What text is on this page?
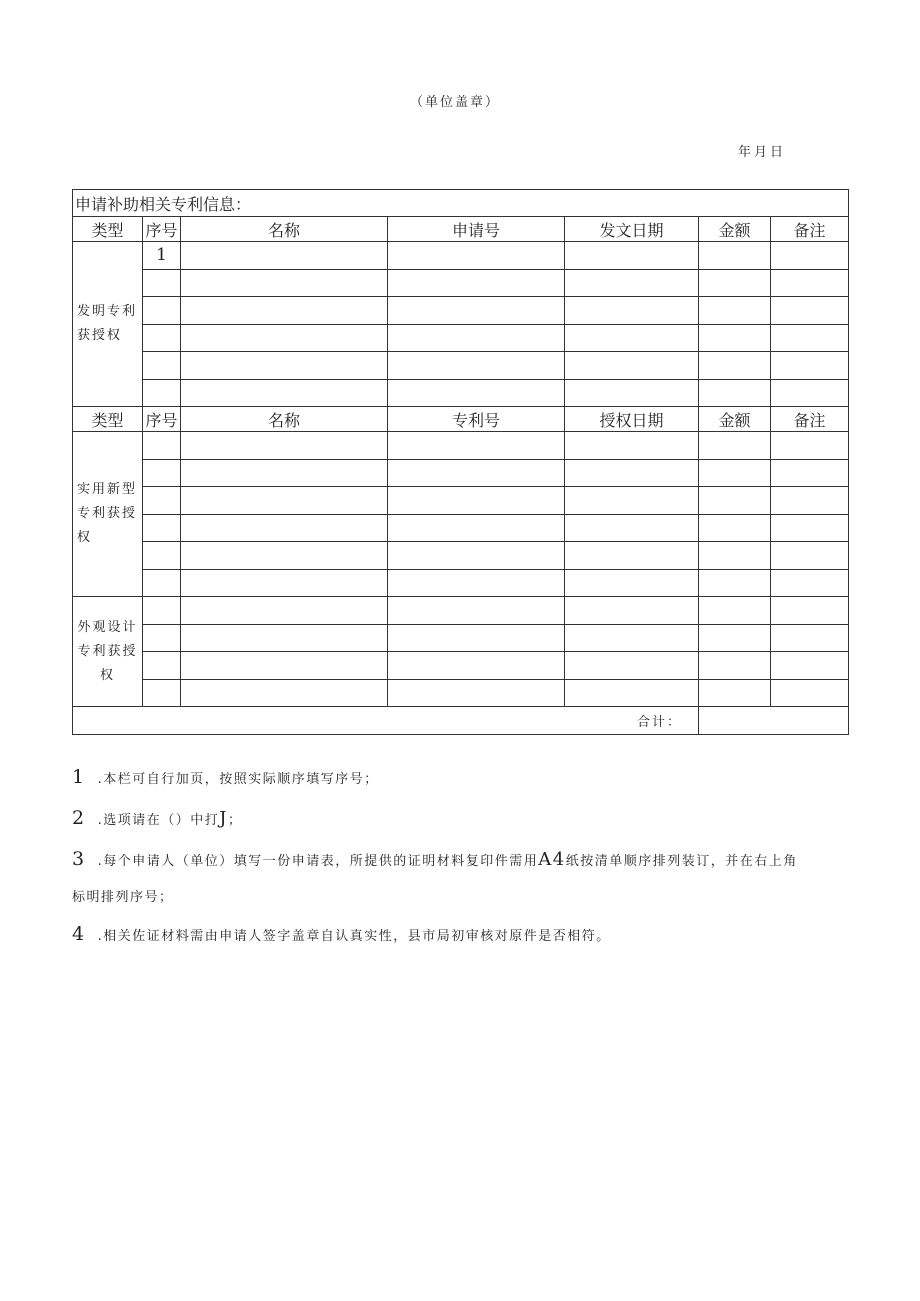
（单位盖章）
年月日
申请补助相关专利信息：						
类型	序号	名称	申请号	发文日期	金额	备注
发明专利获授权	1					

类型	序号	名称	专利号	授权日期	金额	备注
实用新型专利获授权						

外观设计专利获授权						

合计：						

1 .本栏可自行加页，按照实际顺序填写序号；

2 .选项请在（）中打J；

3 .每个申请人（单位）填写一份申请表，所提供的证明材料复印件需用A4纸按清单顺序排列装订，并在右上角
标明排列序号；

4 .相关佐证材料需由申请人签字盖章自认真实性，县市局初审核对原件是否相符。
